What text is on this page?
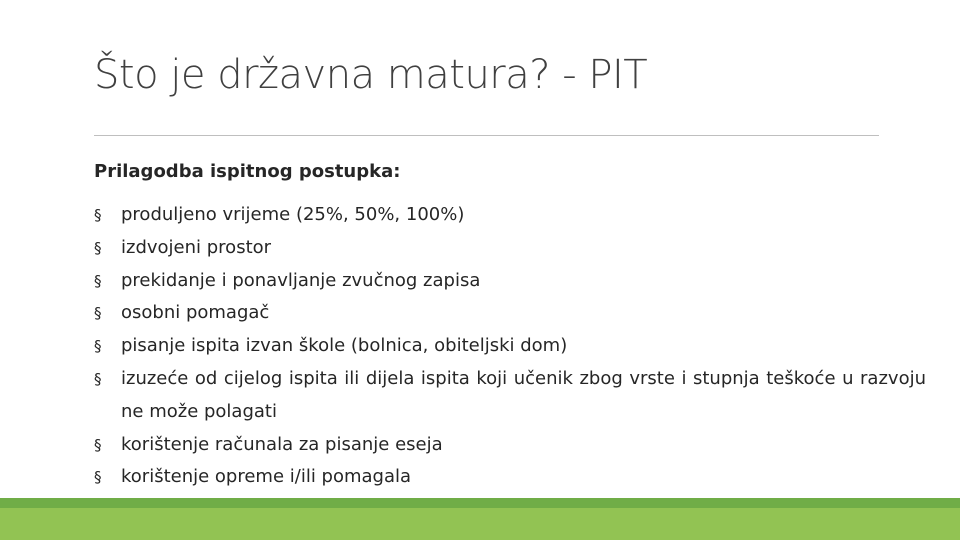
Što je državna matura? - PIT
Prilagodba ispitnog postupka:
§	produljeno vrijeme (25%, 50%, 100%)
§	izdvojeni prostor
§	prekidanje i ponavljanje zvučnog zapisa
§	osobni pomagač
§	pisanje ispita izvan škole (bolnica, obiteljski dom)
§	izuzeće od cijelog ispita ili dijela ispita koji učenik zbog vrste i stupnja teškoće u razvoju ne može polagati
§	korištenje računala za pisanje eseja
§	korištenje opreme i/ili pomagala
